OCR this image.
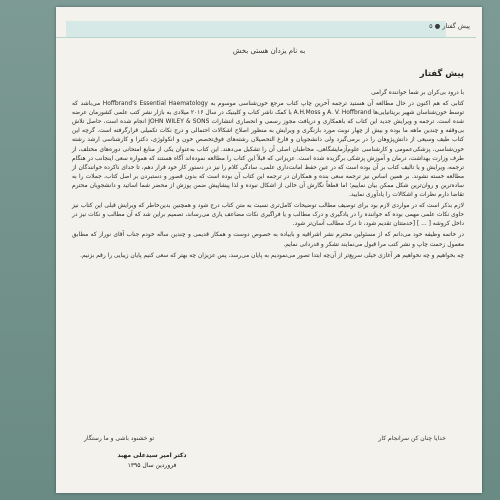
پیش گفتار ● ۵
به نام یزدان هستی بخش
پیش گفتار

با درود بی‌کران بر شما خواننده گرامی

کتابی که هم اکنون در حال مطالعه آن هستید ترجمه آخرین چاپ کتاب مرجع خون‌شناسی موسوم به Hoffbrand's Essential Haematology می‌باشد که توسط خون‌شناسان شهیر بریتانیایی‌ها A. V. Hoffbrand و A.H.Moss با کمک ناشر کتاب و کلینیک در سال ۲۰۱۶ میلادی به بازار نشر کتب علمی کشورمان عرضه شده است. ترجمه و ویرایش جدید این کتاب که باهمکاری و دریافت مجوز رسمی و انحصاری انتشارات JOHN WILEY & SONS انجام شده است، حاصل تلاش بی‌وقفه و چندین ماهه ما بوده و بیش از چهار نوبت مورد بازنگری و ویرایش به منظور اصلاح اشکالات احتمالی و درج نکات تکمیلی قرارگرفته است. گرچه این کتاب طیف وسیعی از دانش‌پژوهان را در برمی‌گیرد ولی دانشجویان و فارغ التحصیلان رشته‌های فوق‌تخصص خون و انکولوژی، دکترا و کارشناسی ارشد رشته خون‌شناسی، پزشکی‌عمومی و کارشناسی علوم‌آزمایشگاهی، مخاطبان اصلی آن را تشکیل می‌دهند. این کتاب به‌عنوان یکی از منابع امتحانی دوره‌های مختلف، از طرف وزارت بهداشت، درمان و آموزش پزشکی برگزیده شده است. عزیزانی که قبلاً این کتاب را مطالعه نموده‌اند آگاه هستند که همواره سعی اینجانب در هنگام ترجمه، ویرایش و یا تالیف کتاب بر آن بوده است که در عین حفظ امانت‌داری علمی، سادگی‌ کلام را نیز در دستور کار خود قرار دهم، تا خدای ناکرده خوانندگان از مطالعه خسته نشوند. بر همین اساس نیز ترجمه سعی بنده و همکاران در ترجمه این کتاب آن بوده است که بدون قصور و دستبردن بر اصل کتاب، جملات را به ساده‌ترین و روان‌ترین شکل ممکن بیان نماییم؛ اما قطعاً نگارش آن خالی از اشکال نبوده و لذا پیشاپیش ضمن پوزش از محضر شما اساتید و دانشجویان محترم تقاضا دارم نظرات و اشکالات را یادآوری نمایید.

لازم بذکر است که در مواردی لازم بود برای توصیف مطالب توضیحات کامل‌تری نسبت به متن کتاب درج شود و همچنین بدین‌خاطر که ویرایش قبلی این کتاب نیز حاوی نکات علمی مهمی بوده که خواننده را در یادگیری و درک مطالب و یا فراگیری نکات مضاعف یاری می‌رساند، تصمیم براین شد که آن مطالب و نکات نیز در داخل کروشه [ ... ] [خدمتتان تقدیم شود، تا درک مطالب آسان‌تر شود.

در خاتمه وظیفه خود می‌دانم که از مسئولین محترم نشر اشراقیه و بابیاده به خصوص دوست و همکار قدیمی و چندین ساله خودم جناب آقای نوراز که مطابق معمول زحمت چاپ و نشر کتب مرا قبول می‌نمایند تشکر و قدردانی نمایم.

چه بخواهیم و چه نخواهیم هر آغازی خیلی سریع‌تر از آن‌چه ابتدا تصور می‌نمودیم به پایان می‌رسد، پس عزیزان چه بهتر که سعی کنیم پایان زیبایی را رقم بزنیم.

خدایا چنان کن سرانجام کار
تو خشنود باشی و ما رستگار
دکتر امیر سیدعلی مهبد
فروردین سال ۱۳۹۵
